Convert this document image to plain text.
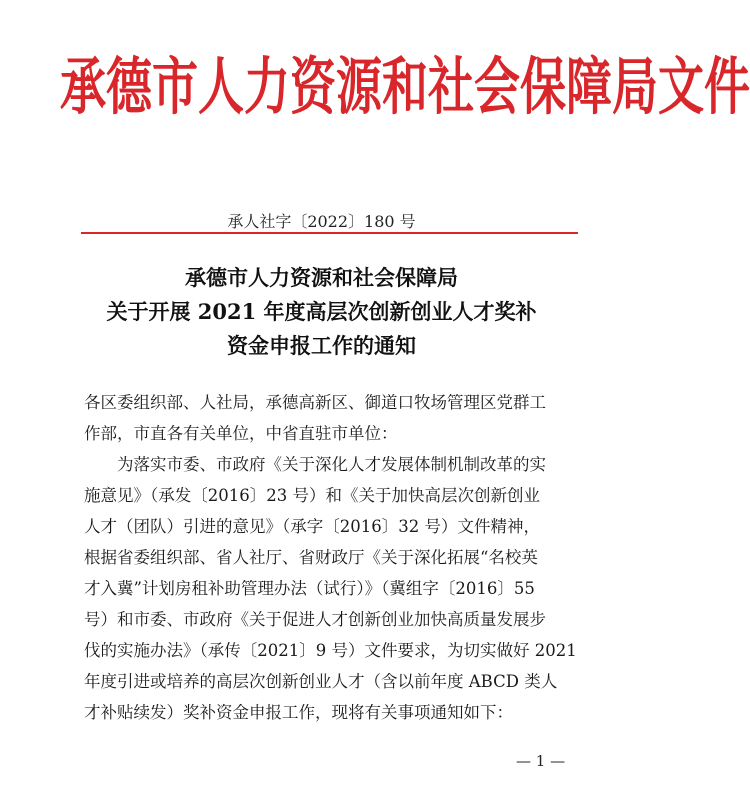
承德市人力资源和社会保障局文件
承人社字〔2022〕180 号
承德市人力资源和社会保障局
关于开展 2021 年度高层次创新创业人才奖补
资金申报工作的通知
各区委组织部、人社局，承德高新区、御道口牧场管理区党群工
作部，市直各有关单位，中省直驻市单位：
　　为落实市委、市政府《关于深化人才发展体制机制改革的实
施意见》（承发〔2016〕23 号）和《关于加快高层次创新创业
人才（团队）引进的意见》（承字〔2016〕32 号）文件精神，
根据省委组织部、省人社厅、省财政厅《关于深化拓展“名校英
才入冀”计划房租补助管理办法（试行）》（冀组字〔2016〕55
号）和市委、市政府《关于促进人才创新创业加快高质量发展步
伐的实施办法》（承传〔2021〕9 号）文件要求，为切实做好 2021
年度引进或培养的高层次创新创业人才（含以前年度 ABCD 类人
才补贴续发）奖补资金申报工作，现将有关事项通知如下：
— 1 —
